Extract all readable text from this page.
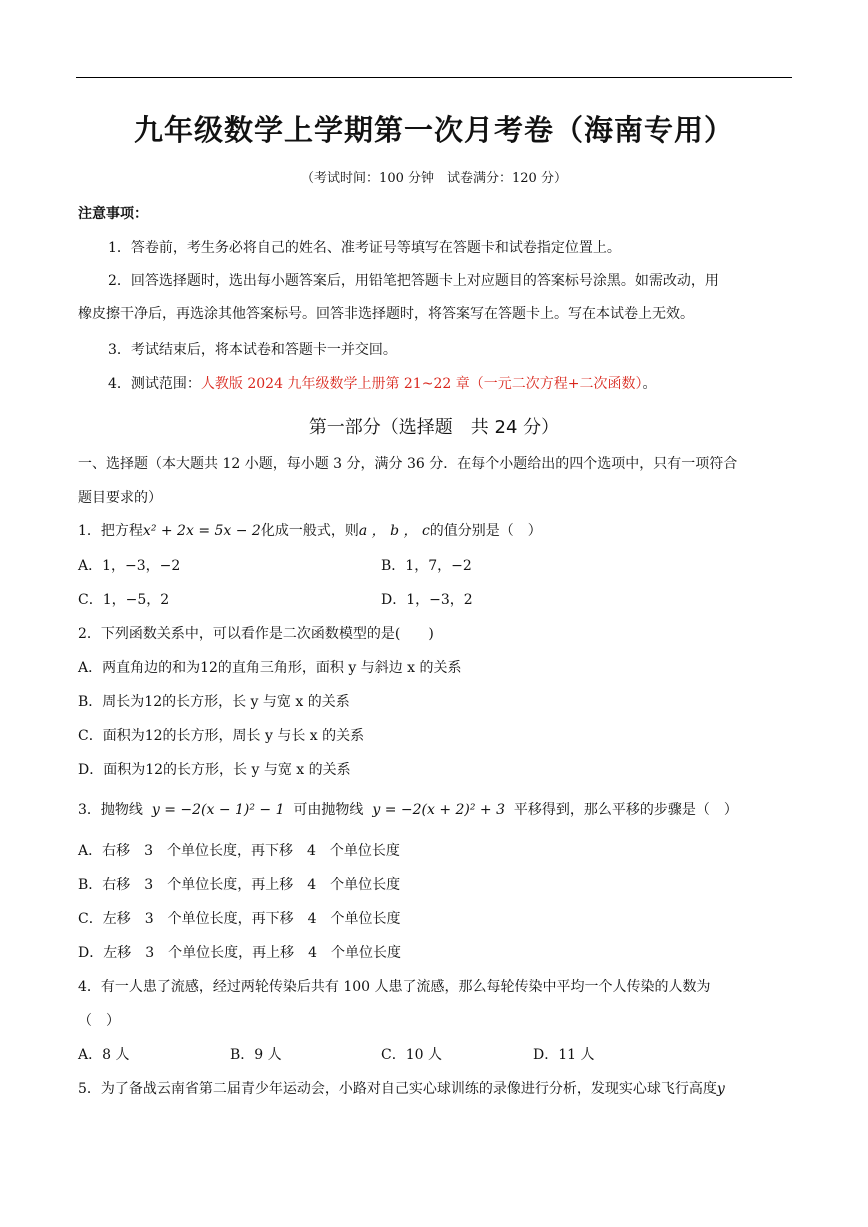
九年级数学上学期第一次月考卷（海南专用）
（考试时间：100 分钟　试卷满分：120 分）
注意事项：
1．答卷前，考生务必将自己的姓名、准考证号等填写在答题卡和试卷指定位置上。
2．回答选择题时，选出每小题答案后，用铅笔把答题卡上对应题目的答案标号涂黑。如需改动，用
橡皮擦干净后，再选涂其他答案标号。回答非选择题时，将答案写在答题卡上。写在本试卷上无效。
3．考试结束后，将本试卷和答题卡一并交回。
4．测试范围：人教版 2024 九年级数学上册第 21~22 章（一元二次方程+二次函数）。
第一部分（选择题　共 24 分）
一、选择题（本大题共 12 小题，每小题 3 分，满分 36 分．在每个小题给出的四个选项中，只有一项符合
题目要求的）
1．把方程x² + 2x = 5x − 2化成一般式，则a ， b ， c的值分别是（　）
A．1，−3，−2	B．1，7，−2
C．1，−5，2	D．1，−3，2
2．下列函数关系中，可以看作是二次函数模型的是(　　)
A．两直角边的和为12的直角三角形，面积 y 与斜边 x 的关系
B．周长为12的长方形，长 y 与宽 x 的关系
C．面积为12的长方形，周长 y 与长 x 的关系
D．面积为12的长方形，长 y 与宽 x 的关系
3．抛物线 y = −2(x − 1)² − 1 可由抛物线 y = −2(x + 2)² + 3 平移得到，那么平移的步骤是（　）
A．右移　3　个单位长度，再下移　4　个单位长度
B．右移　3　个单位长度，再上移　4　个单位长度
C．左移　3　个单位长度，再下移　4　个单位长度
D．左移　3　个单位长度，再上移　4　个单位长度
4．有一人患了流感，经过两轮传染后共有 100 人患了流感，那么每轮传染中平均一个人传染的人数为
（　）
A．8 人	B．9 人	C．10 人	D．11 人
5．为了备战云南省第二届青少年运动会，小路对自己实心球训练的录像进行分析，发现实心球飞行高度y
